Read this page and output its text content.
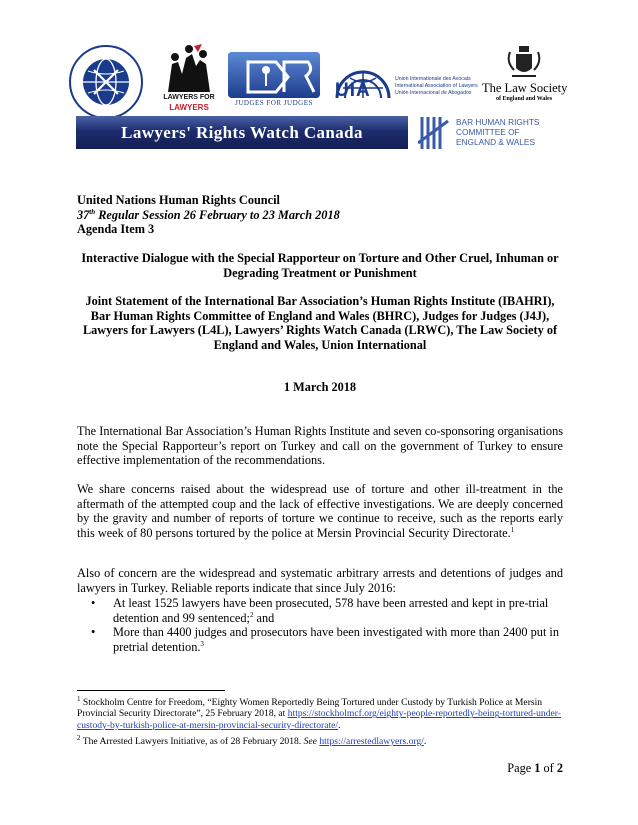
LAWYERS FOR
LAWYERS	JUDGES FOR JUDGES
UIA
Union Internationale des Avocats
International Association of Lawyers
Unión Internacional de Abogados The Law Society
of England and Wales
Lawyers' Rights Watch Canada
BAR HUMAN RIGHTS
COMMITTEE OF
ENGLAND & WALES
United Nations Human Rights Council
37th Regular Session 26 February to 23 March 2018
Agenda Item 3
Interactive Dialogue with the Special Rapporteur on Torture and Other Cruel, Inhuman or
Degrading Treatment or Punishment
Joint Statement of the International Bar Association’s Human Rights Institute (IBAHRI),
Bar Human Rights Committee of England and Wales (BHRC), Judges for Judges (J4J),
Lawyers for Lawyers (L4L), Lawyers’ Rights Watch Canada (LRWC), The Law Society of
England and Wales, Union International
1 March 2018
The International Bar Association’s Human Rights Institute and seven co-sponsoring organisations note the Special Rapporteur’s report on Turkey and call on the government of Turkey to ensure effective implementation of the recommendations.
We share concerns raised about the widespread use of torture and other ill-treatment in the aftermath of the attempted coup and the lack of effective investigations. We are deeply concerned by the gravity and number of reports of torture we continue to receive, such as the reports early this week of 80 persons tortured by the police at Mersin Provincial Security Directorate.$^1$
Also of concern are the widespread and systematic arbitrary arrests and detentions of judges and lawyers in Turkey. Reliable reports indicate that since July 2016:
• At least 1525 lawyers have been prosecuted, 578 have been arrested and kept in pre-trial detention and 99 sentenced;$^2$ and
• More than 4400 judges and prosecutors have been investigated with more than 2400 put in pretrial detention.$^3$
$^1$ Stockholm Centre for Freedom, “Eighty Women Reportedly Being Tortured under Custody by Turkish Police at Mersin Provincial Security Directorate”, 25 February 2018, at https://stockholmcf.org/eighty-people-reportedly-being-tortured-under-custody-by-turkish-police-at-mersin-provincial-security-directorate/.
$^2$ The Arrested Lawyers Initiative, as of 28 February 2018. See https://arrestedlawyers.org/.
Page 1 of 2
